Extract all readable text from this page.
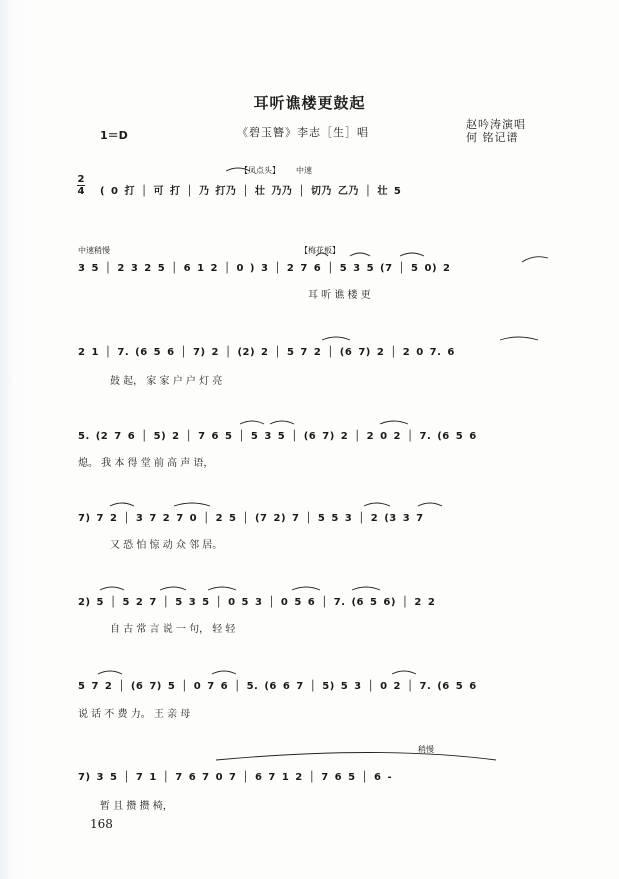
耳听谯楼更鼓起
1＝D	《碧玉簪》李志［生］唱
赵吟涛演唱
何 铭记谱
2
4
【凤点头】 中速
( 0 打 │ 可 打 │ 乃 打乃 │ 壮 乃乃 │ 切乃 乙乃 │ 壮 5
中速稍慢	【梅花板】
3 5 │ 2 3 2 5 │ 6 1 2 │ 0 ) 3 │ 2 7 6 │ 5 3 5 (7 │ 5 0) 2
耳 听 谯 楼 更
2 1 │ 7. (6 5 6 │ 7) 2 │ (2) 2 │ 5 7 2 │ (6 7) 2 │ 2 0 7. 6
鼓 起， 家 家 户 户 灯 亮
5. (2 7 6 │ 5) 2 │ 7 6 5 │ 5 3 5 │ (6 7) 2 │ 2 0 2 │ 7. (6 5 6
熄。 我 本 得 堂 前 高 声 语，
7) 7 2 │ 3 7 2 7 0 │ 2 5 │ (7 2) 7 │ 5 5 3 │ 2 (3 3 7
又 恐 怕 惊 动 众 邻 居。
2) 5 │ 5 2 7 │ 5 3 5 │ 0 5 3 │ 0 5 6 │ 7. (6 5 6) │ 2 2
自 古 常 言 说 一 句， 轻 轻
5 7 2 │ (6 7) 5 │ 0 7 6 │ 5. (6 6 7 │ 5) 5 3 │ 0 2 │ 7. (6 5 6
说 话 不 费 力。 王 亲 母
稍慢
7) 3 5 │ 7 1 │ 7 6 7 0 7 │ 6 7 1 2 │ 7 6 5 │ 6 -
暂 且 攒 攒 椅，
168
